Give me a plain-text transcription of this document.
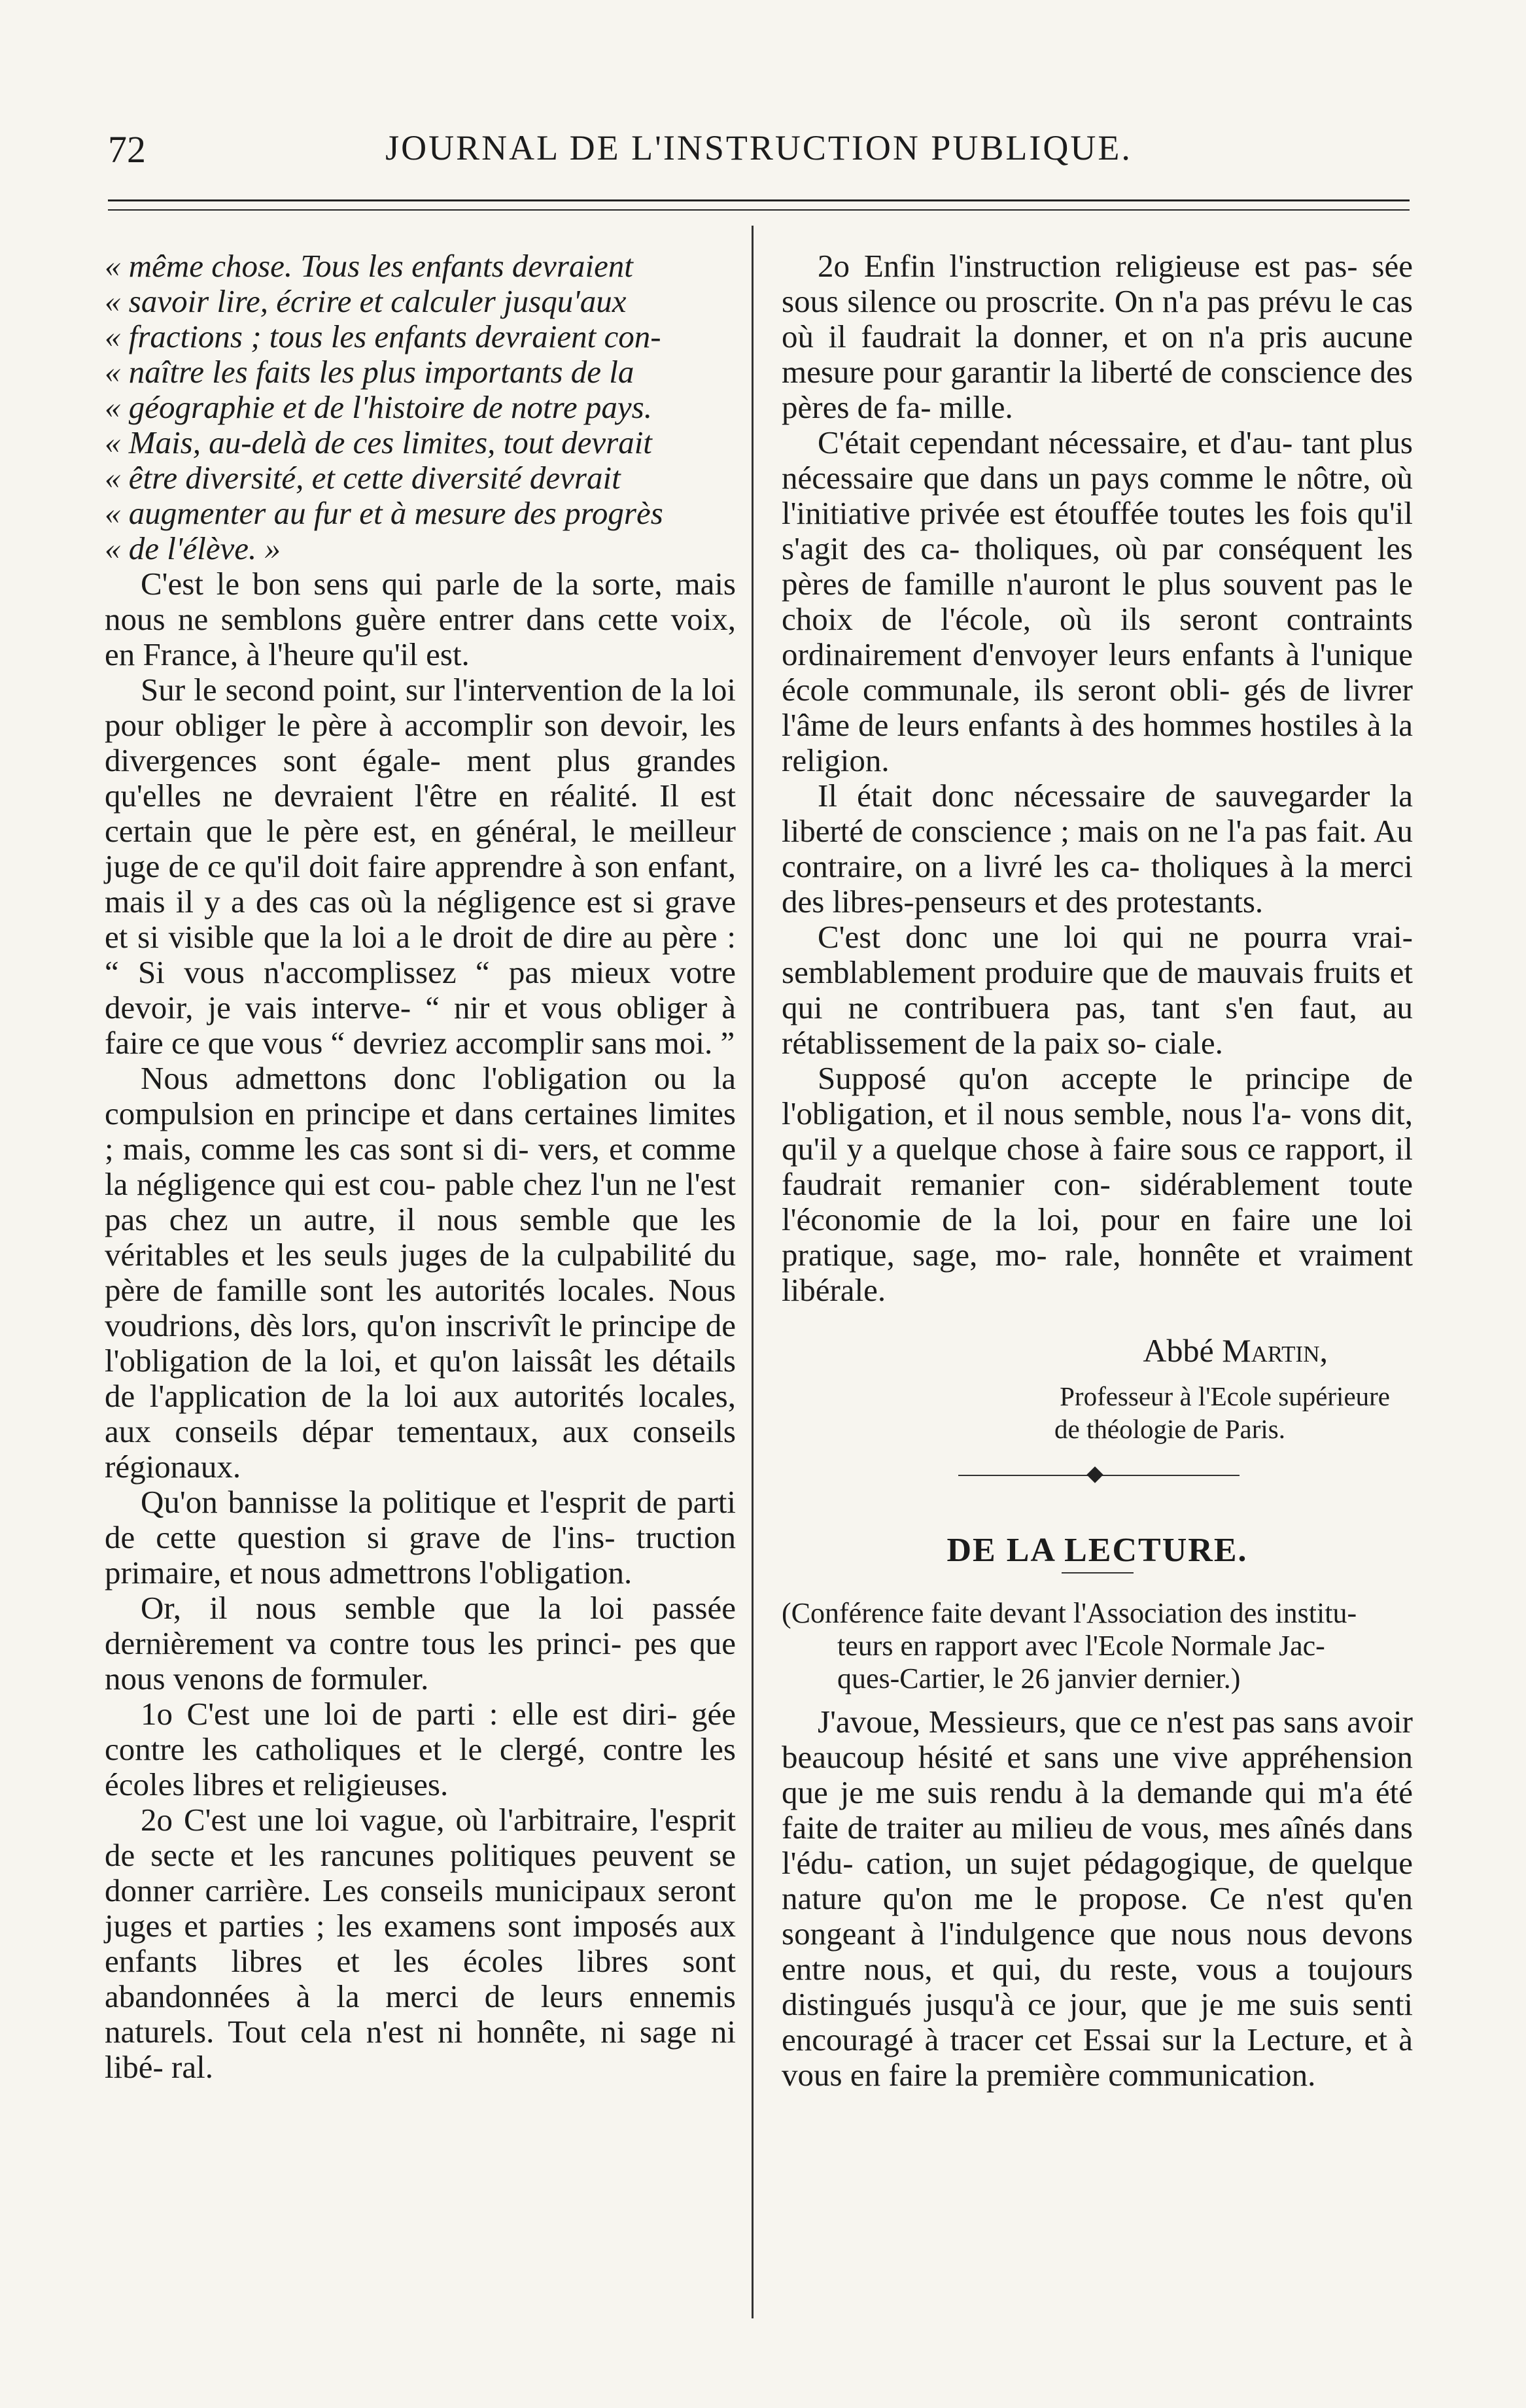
72	JOURNAL DE L'INSTRUCTION PUBLIQUE.
« même chose. Tous les enfants devraient
« savoir lire, écrire et calculer jusqu'aux
« fractions ; tous les enfants devraient con-
« naître les faits les plus importants de la
« géographie et de l'histoire de notre pays.
« Mais, au-delà de ces limites, tout devrait
« être diversité, et cette diversité devrait
« augmenter au fur et à mesure des progrès
« de l'élève. »

C'est le bon sens qui parle de la sorte, mais nous ne semblons guère entrer dans cette voix, en France, à l'heure qu'il est.

Sur le second point, sur l'intervention de la loi pour obliger le père à accomplir son devoir, les divergences sont égale- ment plus grandes qu'elles ne devraient l'être en réalité. Il est certain que le père est, en général, le meilleur juge de ce qu'il doit faire apprendre à son enfant, mais il y a des cas où la négligence est si grave et si visible que la loi a le droit de dire au père : “ Si vous n'accomplissez “ pas mieux votre devoir, je vais interve- “ nir et vous obliger à faire ce que vous “ devriez accomplir sans moi. ”

Nous admettons donc l'obligation ou la compulsion en principe et dans certaines limites ; mais, comme les cas sont si di- vers, et comme la négligence qui est cou- pable chez l'un ne l'est pas chez un autre, il nous semble que les véritables et les seuls juges de la culpabilité du père de famille sont les autorités locales. Nous voudrions, dès lors, qu'on inscrivît le principe de l'obligation de la loi, et qu'on laissât les détails de l'application de la loi aux autorités locales, aux conseils dépar tementaux, aux conseils régionaux.

Qu'on bannisse la politique et l'esprit de parti de cette question si grave de l'ins- truction primaire, et nous admettrons l'obligation.

Or, il nous semble que la loi passée dernièrement va contre tous les princi- pes que nous venons de formuler.

1o C'est une loi de parti : elle est diri- gée contre les catholiques et le clergé, contre les écoles libres et religieuses.

2o C'est une loi vague, où l'arbitraire, l'esprit de secte et les rancunes politiques peuvent se donner carrière. Les conseils municipaux seront juges et parties ; les examens sont imposés aux enfants libres et les écoles libres sont abandonnées à la merci de leurs ennemis naturels. Tout cela n'est ni honnête, ni sage ni libé- ral.

2o Enfin l'instruction religieuse est pas- sée sous silence ou proscrite. On n'a pas prévu le cas où il faudrait la donner, et on n'a pris aucune mesure pour garantir la liberté de conscience des pères de fa- mille.

C'était cependant nécessaire, et d'au- tant plus nécessaire que dans un pays comme le nôtre, où l'initiative privée est étouffée toutes les fois qu'il s'agit des ca- tholiques, où par conséquent les pères de famille n'auront le plus souvent pas le choix de l'école, où ils seront contraints ordinairement d'envoyer leurs enfants à l'unique école communale, ils seront obli- gés de livrer l'âme de leurs enfants à des hommes hostiles à la religion.

Il était donc nécessaire de sauvegarder la liberté de conscience ; mais on ne l'a pas fait. Au contraire, on a livré les ca- tholiques à la merci des libres-penseurs et des protestants.

C'est donc une loi qui ne pourra vrai- semblablement produire que de mauvais fruits et qui ne contribuera pas, tant s'en faut, au rétablissement de la paix so- ciale.

Supposé qu'on accepte le principe de l'obligation, et il nous semble, nous l'a- vons dit, qu'il y a quelque chose à faire sous ce rapport, il faudrait remanier con- sidérablement toute l'économie de la loi, pour en faire une loi pratique, sage, mo- rale, honnête et vraiment libérale.

Abbé Martin,
Professeur à l'Ecole supérieure
de théologie de Paris.
DE LA LECTURE.
(Conférence faite devant l'Association des institu-
teurs en rapport avec l'Ecole Normale Jac-
ques-Cartier, le 26 janvier dernier.)

J'avoue, Messieurs, que ce n'est pas sans avoir beaucoup hésité et sans une vive appréhension que je me suis rendu à la demande qui m'a été faite de traiter au milieu de vous, mes aînés dans l'édu- cation, un sujet pédagogique, de quelque nature qu'on me le propose. Ce n'est qu'en songeant à l'indulgence que nous nous devons entre nous, et qui, du reste, vous a toujours distingués jusqu'à ce jour, que je me suis senti encouragé à tracer cet Essai sur la Lecture, et à vous en faire la première communication.
